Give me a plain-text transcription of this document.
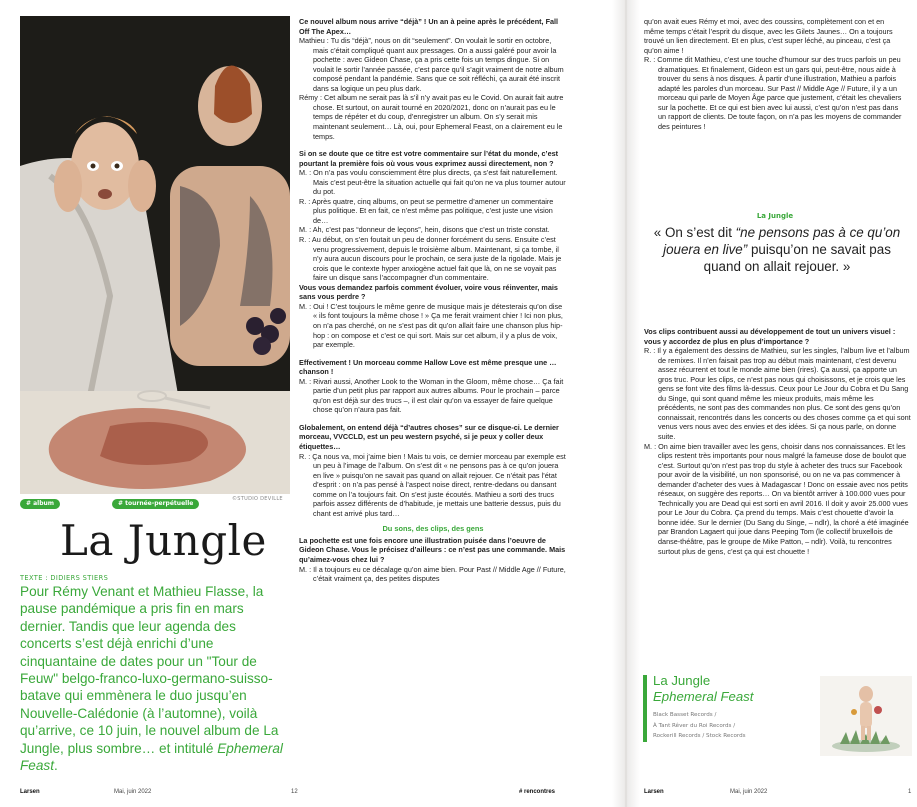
©STUDIO DEVILLE
# album	# tournée-perpétuelle
La Jungle
TEXTE : DIDIERS STIERS
Pour Rémy Venant et Mathieu Flasse, la pause pandémique a pris fin en mars dernier. Tandis que leur agenda des concerts s’est déjà enrichi d’une cinquantaine de dates pour un "Tour de Feuw" belgo-franco-luxo-germano-suisso-batave qui emmènera le duo jusqu’en Nouvelle-Calédonie (à l’automne), voilà qu’arrive, ce 10 juin, le nouvel album de La Jungle, plus sombre… et intitulé Ephemeral Feast.

Ce nouvel album nous arrive “déjà” ! Un an à peine après le précédent, Fall Off The Apex…

Mathieu : Tu dis “déjà”, nous on dit “seulement”. On voulait le sortir en octobre, mais c’était compliqué quant aux pressages. On a aussi galéré pour avoir la pochette : avec Gideon Chase, ça a pris cette fois un temps dingue. Si on voulait le sortir l’année passée, c’est parce qu’il s’agit vraiment de notre album composé pendant la pandémie. Sans que ce soit réfléchi, ça aurait été inscrit dans sa logique un peu plus dark.

Rémy : Cet album ne serait pas là s’il n’y avait pas eu le Covid. On aurait fait autre chose. Et surtout, on aurait tourné en 2020/2021, donc on n’aurait pas eu le temps de répéter et du coup, d’enregistrer un album. On s’y serait mis maintenant seulement… Là, oui, pour Ephemeral Feast, on a clairement eu le temps.

Si on se doute que ce titre est votre commentaire sur l’état du monde, c’est pourtant la première fois où vous vous exprimez aussi directement, non ?

M. : On n’a pas voulu consciemment être plus directs, ça s’est fait naturellement. Mais c’est peut-être la situation actuelle qui fait qu’on ne va plus tourner autour du pot.

R. : Après quatre, cinq albums, on peut se permettre d’amener un commentaire plus politique. Et en fait, ce n’est même pas politique, c’est juste une vision de…

M. : Ah, c’est pas “donneur de leçons”, hein, disons que c’est un triste constat.

R. : Au début, on s’en foutait un peu de donner forcément du sens. Ensuite c’est venu progressivement, depuis le troisième album. Maintenant, si ça tombe, il n’y aura aucun discours pour le prochain, ce sera juste de la rigolade. Mais je crois que le contexte hyper anxiogène actuel fait que là, on ne se voyait pas faire un disque sans l’accompagner d’un commentaire.

Vous vous demandez parfois comment évoluer, voire vous réinventer, mais sans vous perdre ?

M. : Oui ! C’est toujours le même genre de musique mais je détesterais qu’on dise « ils font toujours la même chose ! » Ça me ferait vraiment chier ! Ici non plus, on n’a pas cherché, on ne s’est pas dit qu’on allait faire une chanson plus hip-hop : on compose et c’est ce qui sort. Mais sur cet album, il y a plus de voix, par exemple.

Effectivement ! Un morceau comme Hallow Love est même presque une … chanson !

M. : Rivari aussi, Another Look to the Woman in the Gloom, même chose… Ça fait partie d’un petit plus par rapport aux autres albums. Pour le prochain – parce qu’on est déjà sur des trucs –, il est clair qu’on va essayer de faire quelque chose qu’on n’aura pas fait.

Globalement, on entend déjà “d’autres choses” sur ce disque-ci. Le dernier morceau, VVCCLD, est un peu western psyché, si je peux y coller deux étiquettes…

R. : Ça nous va, moi j’aime bien ! Mais tu vois, ce dernier morceau par exemple est un peu à l’image de l’album. On s’est dit « ne pensons pas à ce qu’on jouera en live » puisqu’on ne savait pas quand on allait rejouer. Ce n’était pas l’état d’esprit : on n’a pas pensé à l’aspect noise direct, rentre-dedans ou dansant comme on l’a toujours fait. On s’est juste écoutés. Mathieu a sorti des trucs parfois assez différents de d’habitude, je mettais une batterie dessus, puis du chant est arrivé plus tard…

Du sons, des clips, des gens

La pochette est une fois encore une illustration puisée dans l’oeuvre de Gideon Chase. Vous le précisez d’ailleurs : ce n’est pas une commande. Mais qu’aimez-vous chez lui ?

M. : Il a toujours eu ce décalage qu’on aime bien. Pour Past // Middle Age // Future, c’était vraiment ça, des petites disputes

qu’on avait eues Rémy et moi, avec des coussins, complètement con et en même temps c’était l’esprit du disque, avec les Gilets Jaunes… On a toujours trouvé un lien directement. Et en plus, c’est super léché, au pinceau, c’est ça qu’on aime !

R. : Comme dit Mathieu, c’est une touche d’humour sur des trucs parfois un peu dramatiques. Et finalement, Gideon est un gars qui, peut-être, nous aide à trouver du sens à nos disques. À partir d’une illustration, Mathieu a parfois adapté les paroles d’un morceau. Sur Past // Middle Age // Future, il y a un morceau qui parle de Moyen Âge parce que justement, c’était les chevaliers sur la pochette. Et ce qui est bien avec lui aussi, c’est qu’on n’est pas dans un rapport de clients. De toute façon, on n’a pas les moyens de commander des peintures !

La Jungle
« On s’est dit “ne pensons pas à ce qu’on jouera en live” puisqu’on ne savait pas quand on allait rejouer. »

Vos clips contribuent aussi au développement de tout un univers visuel : vous y accordez de plus en plus d’importance ?

R. : Il y a également des dessins de Mathieu, sur les singles, l’album live et l’album de remixes. Il n’en faisait pas trop au début mais maintenant, c’est devenu assez récurrent et tout le monde aime bien (rires). Ça aussi, ça apporte un gros truc. Pour les clips, ce n’est pas nous qui choisissons, et je crois que les gens se font vite des films là-dessus. Ceux pour Le Jour du Cobra et Du Sang du Singe, qui sont quand même les mieux produits, mais même les précédents, ne sont pas des commandes non plus. Ce sont des gens qu’on connaissait, rencontrés dans les concerts ou des choses comme ça et qui sont venus vers nous avec des envies et des idées. Si ça nous parle, on donne suite.

M. : On aime bien travailler avec les gens, choisir dans nos connaissances. Et les clips restent très importants pour nous malgré la fameuse dose de boulot que c’est. Surtout qu’on n’est pas trop du style à acheter des trucs sur Facebook pour avoir de la visibilité, un non sponsorisé, ou on ne va pas commencer à demander d’acheter des vues à Madagascar ! Donc on essaie avec nos petits réseaux, on suggère des reports… On va bientôt arriver à 100.000 vues pour Technically you are Dead qui est sorti en avril 2016. Il doit y avoir 25.000 vues pour Le Jour du Cobra. Ça prend du temps. Mais c’est chouette d’avoir la bonne idée. Sur le dernier (Du Sang du Singe, – ndlr), la choré a été imaginée par Brandon Lagaert qui joue dans Peeping Tom (le collectif bruxellois de danse-théâtre, pas le groupe de Mike Patton, – ndlr). Voilà, tu rencontres surtout plus de gens, c’est ça qui est chouette !

La Jungle
Ephemeral Feast
Black Basset Records /
À Tant Rêver du Roi Records /
Rockerill Records / Stock Records
Larsen	Mai, juin 2022	12	# rencontres	Larsen	Mai, juin 2022	1
